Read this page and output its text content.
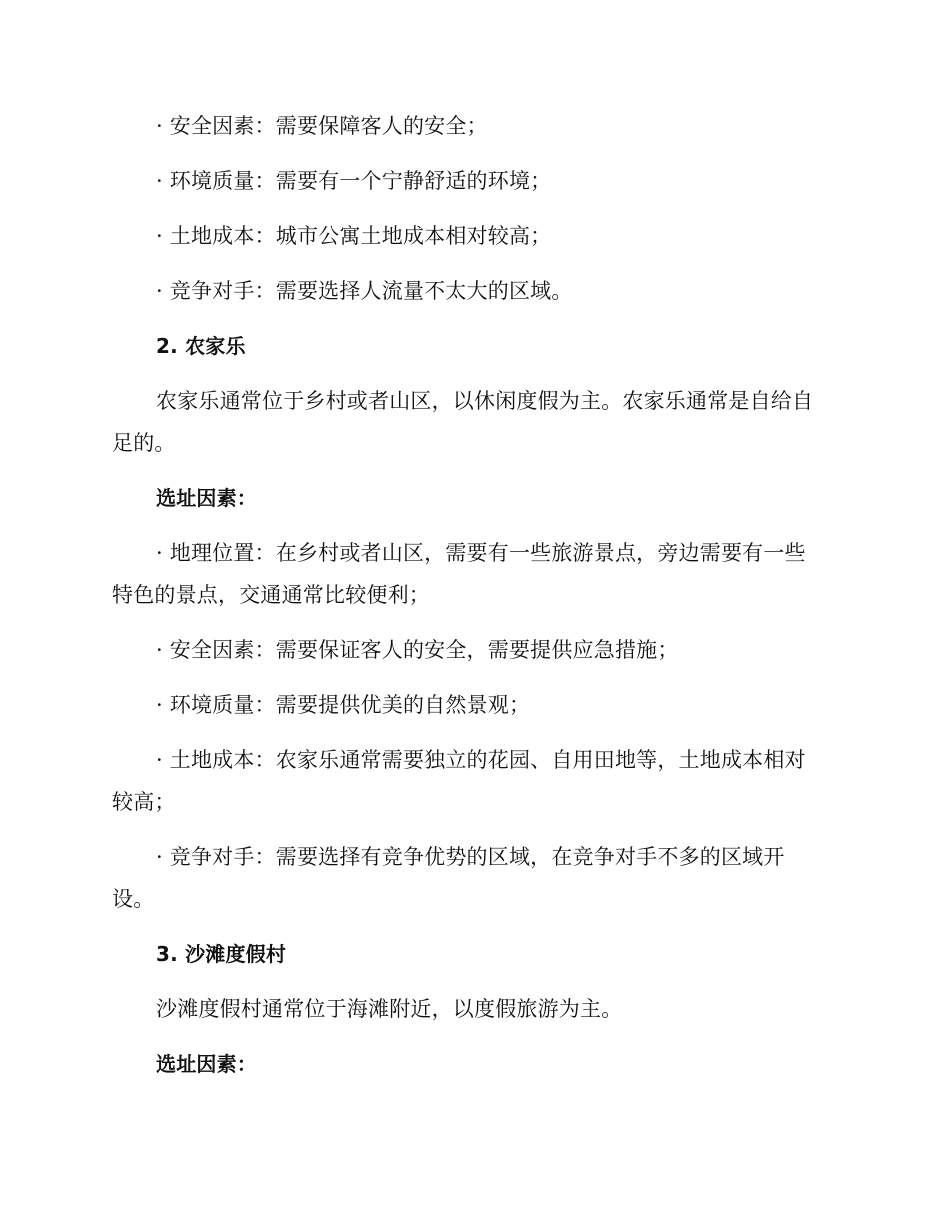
· 安全因素：需要保障客人的安全；
· 环境质量：需要有一个宁静舒适的环境；
· 土地成本：城市公寓土地成本相对较高；
· 竞争对手：需要选择人流量不太大的区域。
2. 农家乐
农家乐通常位于乡村或者山区，以休闲度假为主。农家乐通常是自给自
足的。
选址因素：
· 地理位置：在乡村或者山区，需要有一些旅游景点，旁边需要有一些
特色的景点，交通通常比较便利；
· 安全因素：需要保证客人的安全，需要提供应急措施；
· 环境质量：需要提供优美的自然景观；
· 土地成本：农家乐通常需要独立的花园、自用田地等，土地成本相对
较高；
· 竞争对手：需要选择有竞争优势的区域，在竞争对手不多的区域开
设。
3. 沙滩度假村
沙滩度假村通常位于海滩附近，以度假旅游为主。
选址因素：
